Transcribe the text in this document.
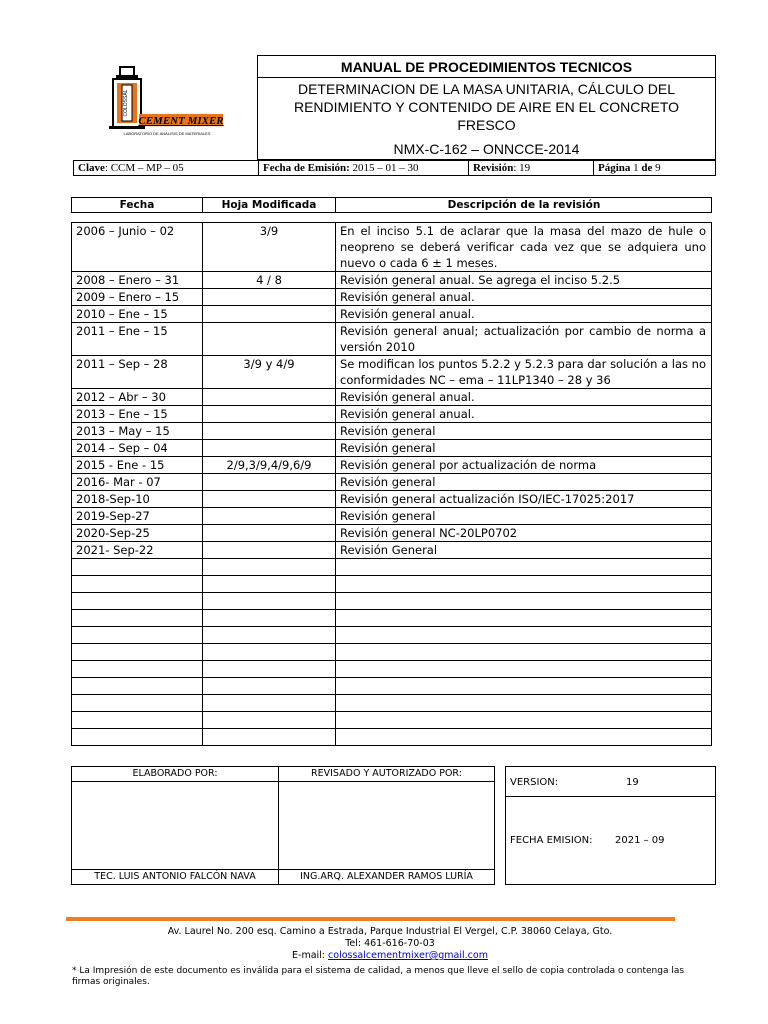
COLOSSAL
CEMENT MIXER
LABORATORIO DE ANALISIS DE MATERIALES
MANUAL DE PROCEDIMIENTOS TECNICOS
DETERMINACION DE LA MASA UNITARIA, CÁLCULO DEL
RENDIMIENTO Y CONTENIDO DE AIRE EN EL CONCRETO
FRESCO
NMX-C-162 – ONNCCE-2014
Clave: CCM – MP – 05	Fecha de Emisión: 2015 – 01 – 30	Revisión: 19	Página 1 de 9
Fecha	Hoja Modificada	Descripción de la revisión
2006 – Junio – 02	3/9	En el inciso 5.1 de aclarar que la masa del mazo de hule o neopreno se deberá verificar cada vez que se adquiera uno nuevo o cada 6 ± 1 meses.
2008 – Enero – 31	4 / 8	Revisión general anual. Se agrega el inciso 5.2.5
2009 – Enero – 15		Revisión general anual.
2010 – Ene – 15		Revisión general anual.
2011 – Ene – 15		Revisión general anual; actualización por cambio de norma a versión 2010
2011 – Sep – 28	3/9 y 4/9	Se modifican los puntos 5.2.2 y 5.2.3 para dar solución a las no conformidades NC – ema – 11LP1340 – 28 y 36
2012 – Abr – 30		Revisión general anual.
2013 – Ene – 15		Revisión general anual.
2013 – May – 15		Revisión general
2014 – Sep – 04		Revisión general
2015 - Ene - 15	2/9,3/9,4/9,6/9	Revisión general por actualización de norma
2016- Mar - 07		Revisión general
2018-Sep-10		Revisión general actualización ISO/IEC-17025:2017
2019-Sep-27		Revisión general
2020-Sep-25		Revisión general NC-20LP0702
2021- Sep-22		Revisión General

ELABORADO POR:	REVISADO Y AUTORIZADO POR:
TEC. LUIS ANTONIO FALCÓN NAVA	ING.ARQ. ALEXANDER RAMOS LURÍA
VERSION:	19
FECHA EMISION: 2021 – 09
Av. Laurel No. 200 esq. Camino a Estrada, Parque Industrial El Vergel, C.P. 38060 Celaya, Gto.
Tel: 461-616-70-03
E-mail: colossalcementmixer@gmail.com
* La Impresión de este documento es inválida para el sistema de calidad, a menos que lleve el sello de copia controlada o contenga las firmas originales.
